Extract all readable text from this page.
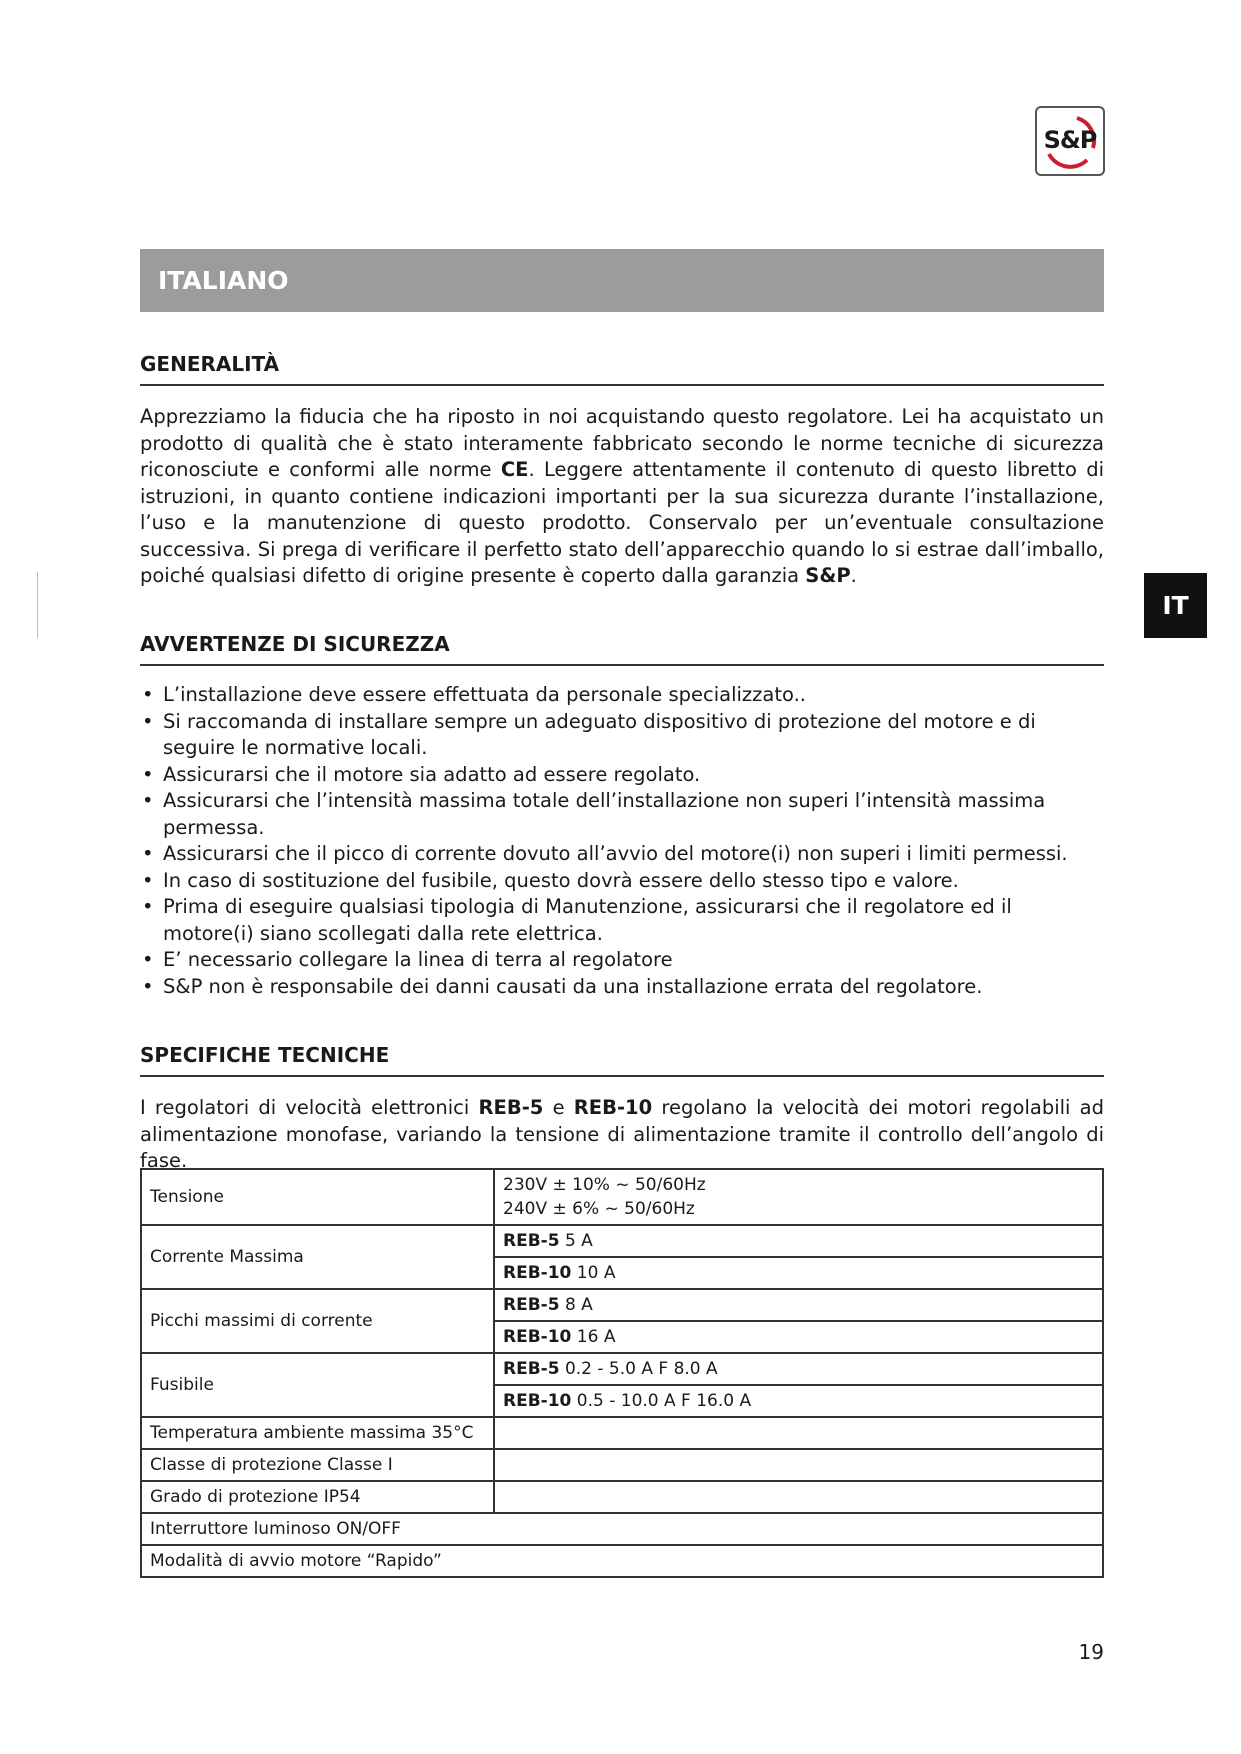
S&P
ITALIANO
IT
GENERALITÀ

Apprezziamo la fiducia che ha riposto in noi acquistando questo regolatore. Lei ha acquistato un prodotto di qualità che è stato interamente fabbricato secondo le norme tecniche di sicurezza riconosciute e conformi alle norme CE. Leggere attentamente il contenuto di questo libretto di istruzioni, in quanto contiene indicazioni importanti per la sua sicurezza durante l’installazione, l’uso e la manutenzione di questo prodotto. Conservalo per un’eventuale consultazione successiva. Si prega di verificare il perfetto stato dell’apparecchio quando lo si estrae dall’imballo, poiché qualsiasi difetto di origine presente è coperto dalla garanzia S&P.

AVVERTENZE DI SICUREZZA
• L’installazione deve essere effettuata da personale specializzato..
• Si raccomanda di installare sempre un adeguato dispositivo di protezione del motore e di seguire le normative locali.
• Assicurarsi che il motore sia adatto ad essere regolato.
• Assicurarsi che l’intensità massima totale dell’installazione non superi l’intensità massima permessa.
• Assicurarsi che il picco di corrente dovuto all’avvio del motore(i) non superi i limiti permessi.
• In caso di sostituzione del fusibile, questo dovrà essere dello stesso tipo e valore.
• Prima di eseguire qualsiasi tipologia di Manutenzione, assicurarsi che il regolatore ed il motore(i) siano scollegati dalla rete elettrica.
• E’ necessario collegare la linea di terra al regolatore
• S&P non è responsabile dei danni causati da una installazione errata del regolatore.
SPECIFICHE TECNICHE

I regolatori di velocità elettronici REB-5 e REB-10 regolano la velocità dei motori regolabili ad alimentazione monofase, variando la tensione di alimentazione tramite il controllo dell’angolo di fase.

Tensione	230V ± 10% ~ 50/60Hz
240V ± 6% ~ 50/60Hz

Corrente Massima	REB-5 5 A
	REB-10 10 A
Picchi massimi di corrente	REB-5 8 A
	REB-10 16 A
Fusibile	REB-5 0.2 - 5.0 A F 8.0 A
	REB-10 0.5 - 10.0 A F 16.0 A
Temperatura ambiente massima 35°C	
Classe di protezione Classe I	
Grado di protezione IP54	
Interruttore luminoso ON/OFF	
Modalità di avvio motore “Rapido”	
19
